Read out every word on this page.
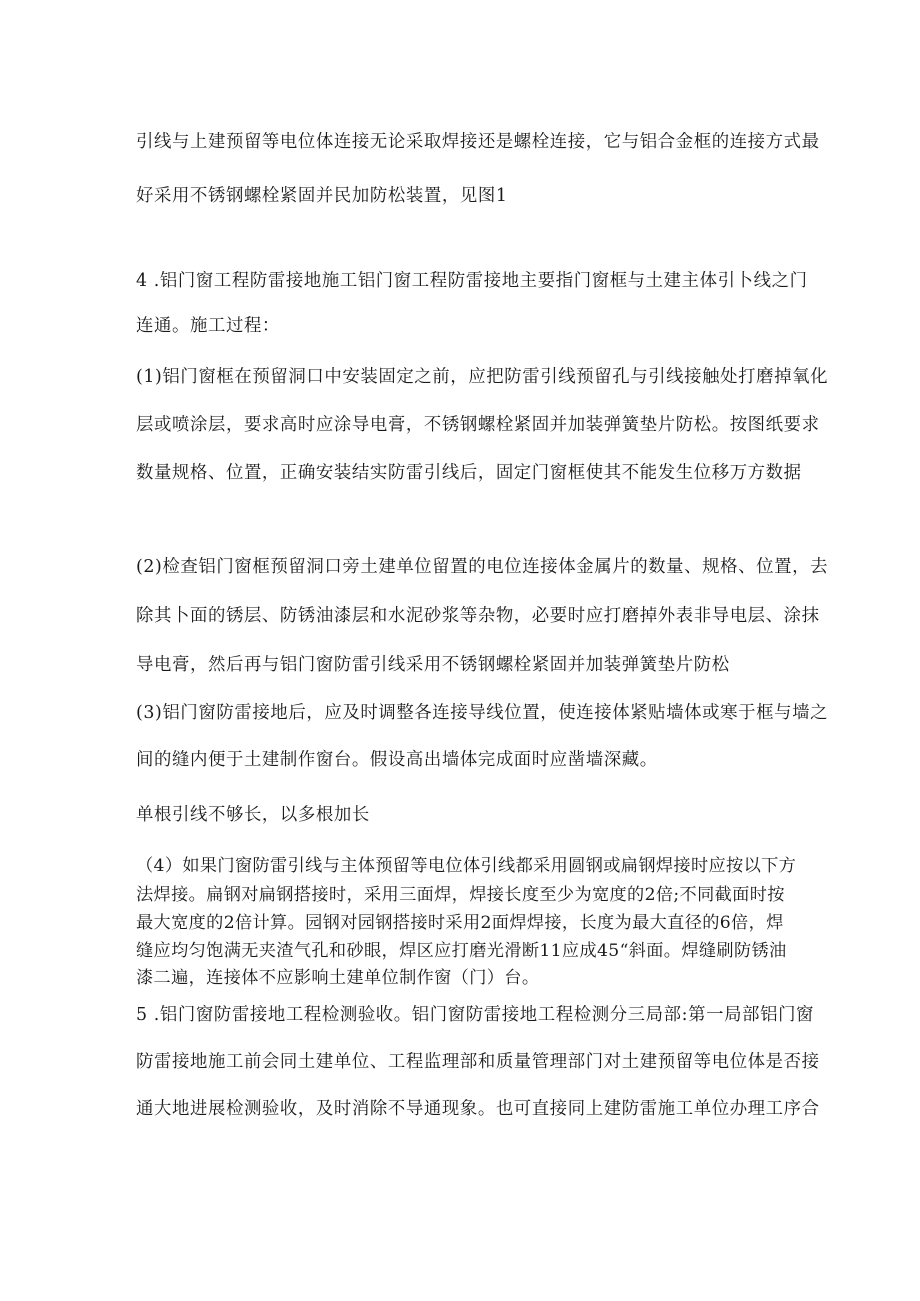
引线与上建预留等电位体连接无论采取焊接还是螺栓连接，它与铝合金框的连接方式最

好采用不锈钢螺栓紧固并民加防松装置，见图1

4 .铝门窗工程防雷接地施工铝门窗工程防雷接地主要指门窗框与土建主体引卜线之门

连通。施工过程：

(1)铝门窗框在预留洞口中安装固定之前，应把防雷引线预留孔与引线接触处打磨掉氧化

层或喷涂层，要求高时应涂导电膏，不锈钢螺栓紧固并加装弹簧垫片防松。按图纸要求

数量规格、位置，正确安装结实防雷引线后，固定门窗框使其不能发生位移万方数据

(2)检查铝门窗框预留洞口旁土建单位留置的电位连接体金属片的数量、规格、位置，去

除其卜面的锈层、防锈油漆层和水泥砂浆等杂物，必要时应打磨掉外表非导电层、涂抹

导电膏，然后再与铝门窗防雷引线采用不锈钢螺栓紧固并加装弹簧垫片防松

(3)铝门窗防雷接地后，应及时调整各连接导线位置，使连接体紧贴墙体或寒于框与墙之

间的缝内便于土建制作窗台。假设高出墙体完成面时应凿墙深藏。

单根引线不够长，以多根加长

（4）如果门窗防雷引线与主体预留等电位体引线都采用圆钢或扁钢焊接时应按以下方

法焊接。扁钢对扁钢搭接时，采用三面焊，焊接长度至少为宽度的2倍;不同截面时按

最大宽度的2倍计算。园钢对园钢搭接时采用2面焊焊接，长度为最大直径的6倍，焊

缝应均匀饱满无夹渣气孔和砂眼，焊区应打磨光滑断11应成45“斜面。焊缝刷防锈油

漆二遍，连接体不应影响土建单位制作窗（门）台。

5 .铝门窗防雷接地工程检测验收。铝门窗防雷接地工程检测分三局部:第一局部铝门窗

防雷接地施工前会同土建单位、工程监理部和质量管理部门对土建预留等电位体是否接

通大地进展检测验收，及时消除不导通现象。也可直接同上建防雷施工单位办理工序合
